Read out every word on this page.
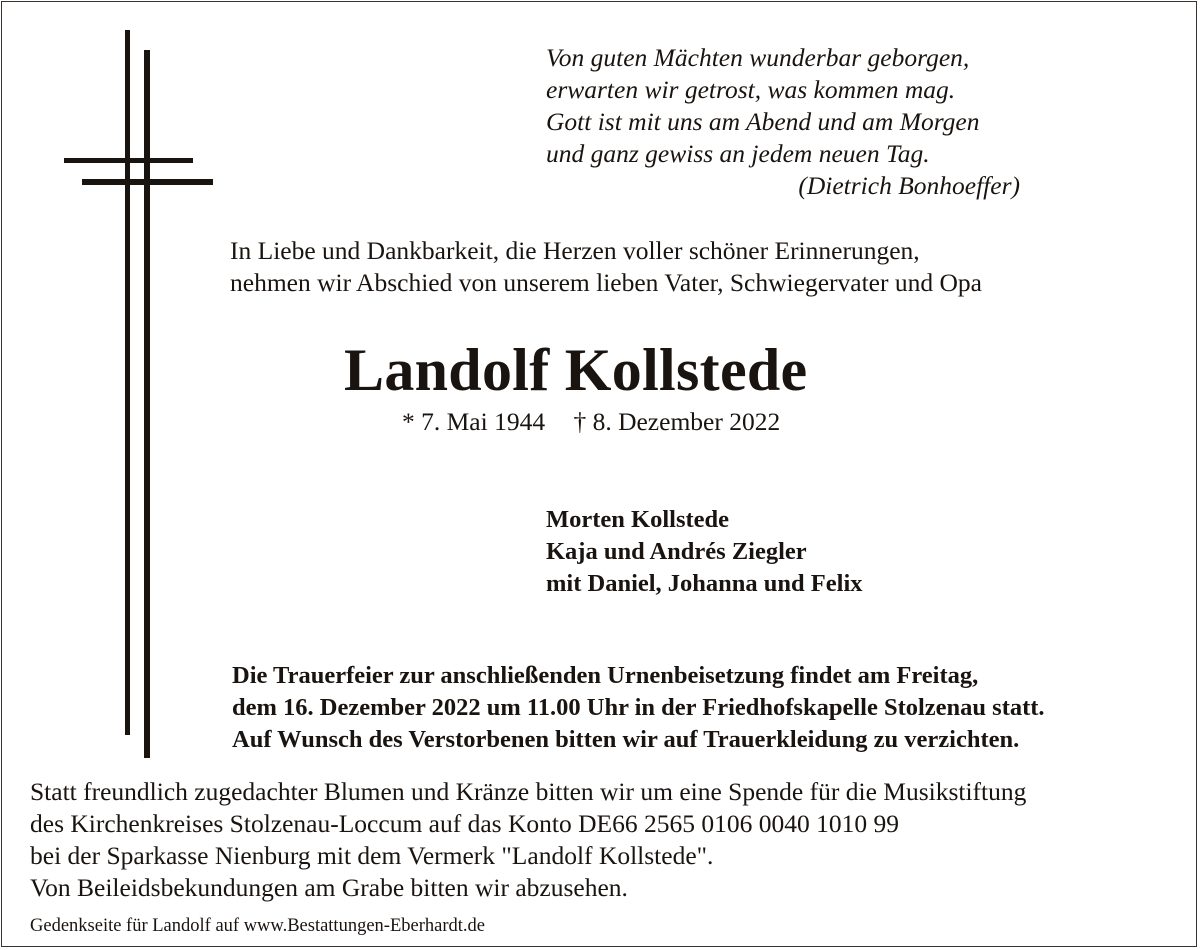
Von guten Mächten wunderbar geborgen,
erwarten wir getrost, was kommen mag.
Gott ist mit uns am Abend und am Morgen
und ganz gewiss an jedem neuen Tag.
(Dietrich Bonhoeffer)
In Liebe und Dankbarkeit, die Herzen voller schöner Erinnerungen,
nehmen wir Abschied von unserem lieben Vater, Schwiegervater und Opa
Landolf Kollstede
* 7. Mai 1944 † 8. Dezember 2022
Morten Kollstede
Kaja und Andrés Ziegler
mit Daniel, Johanna und Felix
Die Trauerfeier zur anschließenden Urnenbeisetzung findet am Freitag,
dem 16. Dezember 2022 um 11.00 Uhr in der Friedhofskapelle Stolzenau statt.
Auf Wunsch des Verstorbenen bitten wir auf Trauerkleidung zu verzichten.
Statt freundlich zugedachter Blumen und Kränze bitten wir um eine Spende für die Musikstiftung
des Kirchenkreises Stolzenau-Loccum auf das Konto DE66 2565 0106 0040 1010 99
bei der Sparkasse Nienburg mit dem Vermerk "Landolf Kollstede".
Von Beileidsbekundungen am Grabe bitten wir abzusehen.
Gedenkseite für Landolf auf www.Bestattungen-Eberhardt.de
